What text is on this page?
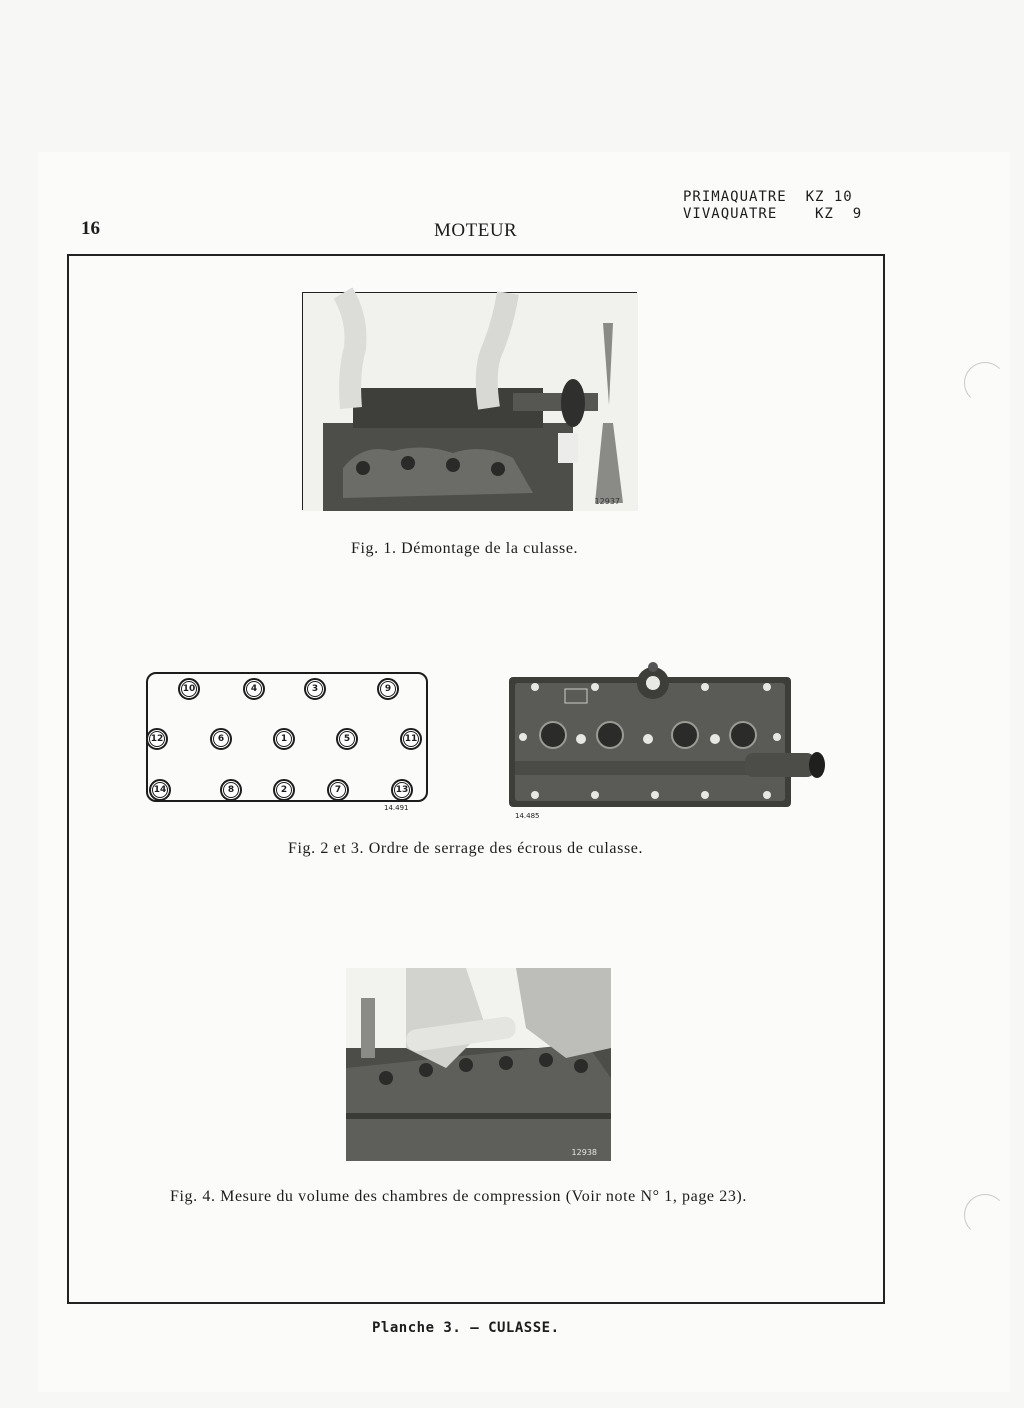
16	MOTEUR
PRIMAQUATRE  KZ 10
VIVAQUATRE    KZ  9
12937
Fig. 1. Démontage de la culasse.
10	4	3	9
12	6	1	5	11
14	8	2	7	13
14.491
14.485
Fig. 2 et 3. Ordre de serrage des écrous de culasse.
12938
Fig. 4. Mesure du volume des chambres de compression (Voir note N° 1, page 23).
Planche 3. — CULASSE.
